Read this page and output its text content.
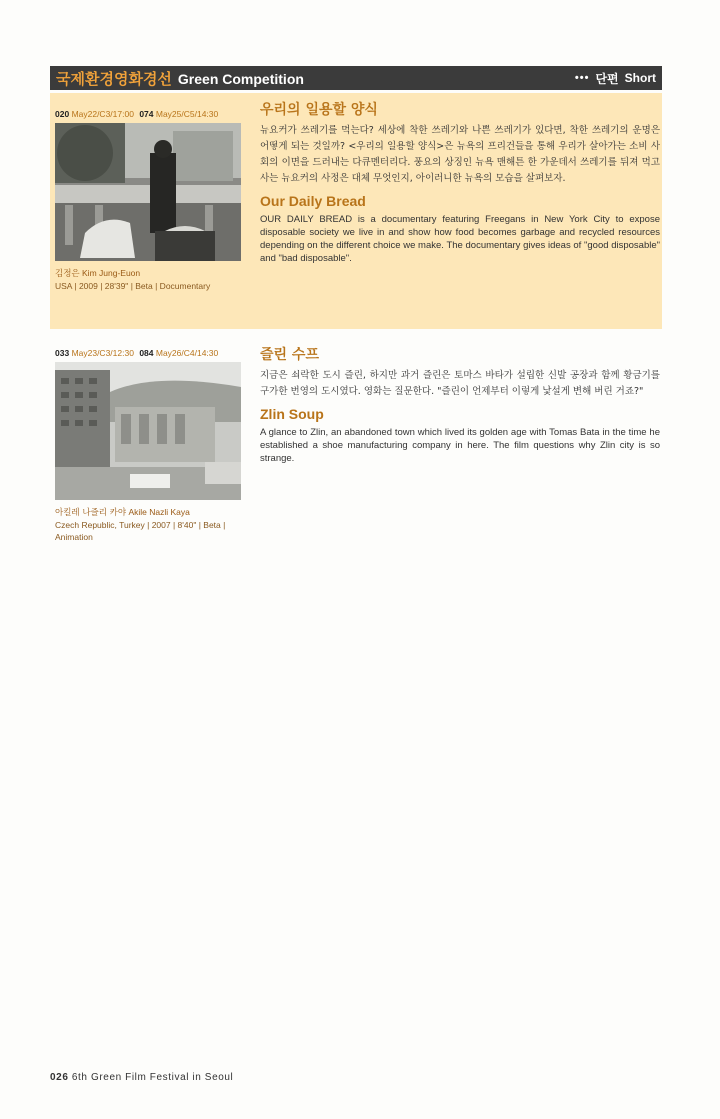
국제환경영화경선 Green Competition	••• 단편 Short
020 May22/C3/17:00 074 May25/C5/14:30
김정은 Kim Jung-Euon
USA | 2009 | 28'39" | Beta | Documentary
우리의 일용할 양식
뉴요커가 쓰레기를 먹는다? 세상에 착한 쓰레기와 나쁜 쓰레기가 있다면, 착한 쓰레기의 운명은 어떻게 되는 것일까? <우리의 일용할 양식>은 뉴욕의 프리건들을 통해 우리가 살아가는 소비 사회의 이면을 드러내는 다큐멘터리다. 풍요의 상징인 뉴욕 맨해튼 한 가운데서 쓰레기를 뒤져 먹고 사는 뉴요커의 사정은 대체 무엇인지, 아이러니한 뉴욕의 모습을 살펴보자.
Our Daily Bread
OUR DAILY BREAD is a documentary featuring Freegans in New York City to expose disposable society we live in and show how food becomes garbage and recycled resources depending on the different choice we make. The documentary gives ideas of "good disposable" and "bad disposable".
033 May23/C3/12:30 084 May26/C4/14:30
아킬레 나즐리 카야 Akile Nazli Kaya
Czech Republic, Turkey | 2007 | 8'40" | Beta | Animation
즐린 수프
지금은 쇠락한 도시 즐린, 하지만 과거 즐린은 토마스 바타가 설립한 신발 공장과 함께 황금기를 구가한 번영의 도시였다. 영화는 질문한다. "즐린이 언제부터 이렇게 낯설게 변해 버린 거죠?"
Zlin Soup
A glance to Zlin, an abandoned town which lived its golden age with Tomas Bata in the time he established a shoe manufacturing company in here. The film questions why Zlin city is so strange.
026 6th Green Film Festival in Seoul
